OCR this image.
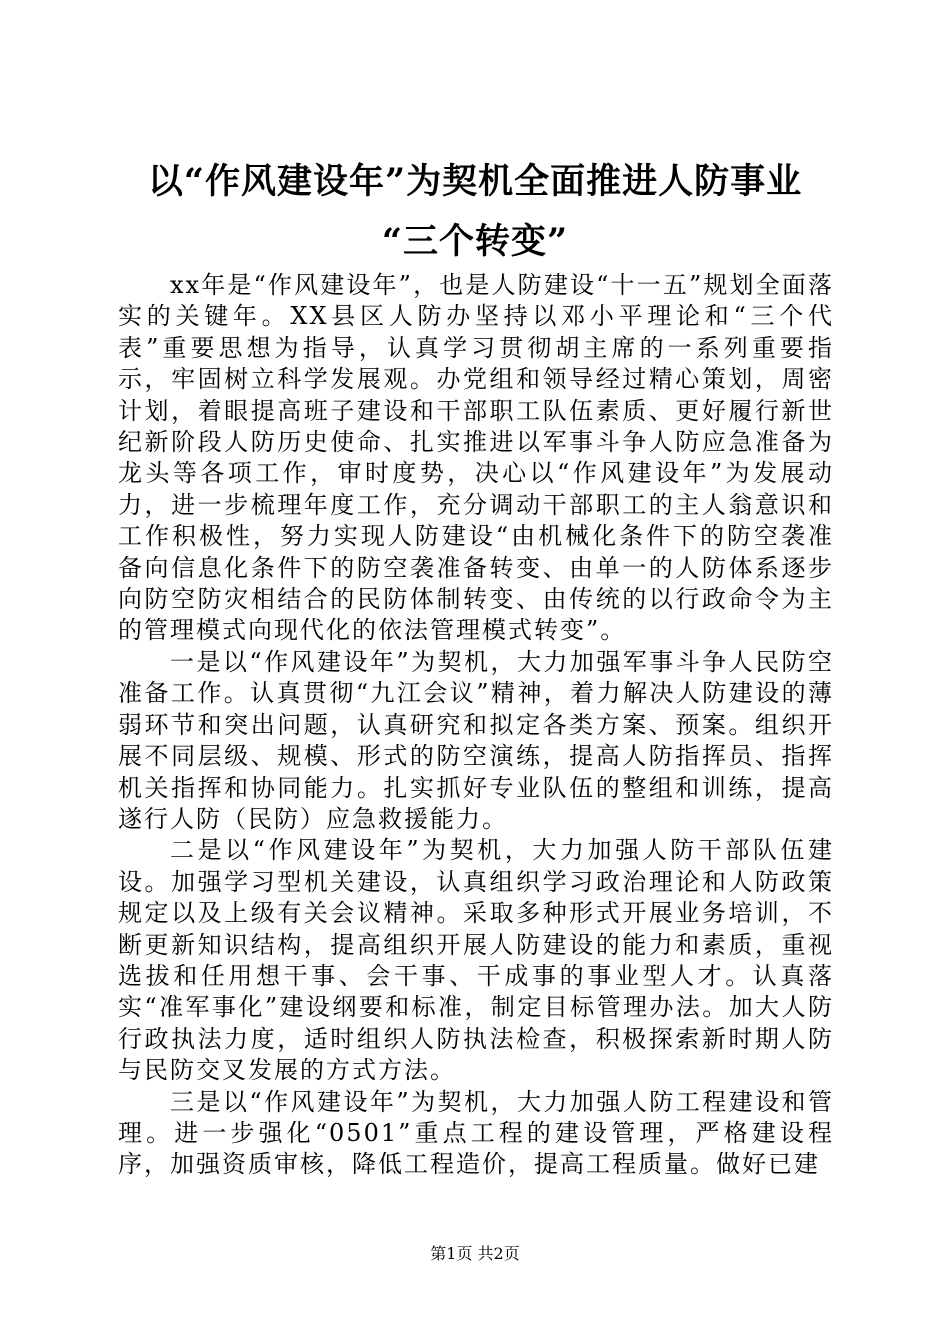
以“作风建设年”为契机全面推进人防事业
“三个转变”

xx年是“作风建设年”，也是人防建设“十一五”规划全面落实的关键年。XX县区人防办坚持以邓小平理论和“三个代表”重要思想为指导，认真学习贯彻胡主席的一系列重要指示，牢固树立科学发展观。办党组和领导经过精心策划，周密计划，着眼提高班子建设和干部职工队伍素质、更好履行新世纪新阶段人防历史使命、扎实推进以军事斗争人防应急准备为龙头等各项工作，审时度势，决心以“作风建设年”为发展动力，进一步梳理年度工作，充分调动干部职工的主人翁意识和工作积极性，努力实现人防建设“由机械化条件下的防空袭准备向信息化条件下的防空袭准备转变、由单一的人防体系逐步向防空防灾相结合的民防体制转变、由传统的以行政命令为主的管理模式向现代化的依法管理模式转变”。

一是以“作风建设年”为契机，大力加强军事斗争人民防空准备工作。认真贯彻“九江会议”精神，着力解决人防建设的薄弱环节和突出问题，认真研究和拟定各类方案、预案。组织开展不同层级、规模、形式的防空演练，提高人防指挥员、指挥机关指挥和协同能力。扎实抓好专业队伍的整组和训练，提高遂行人防（民防）应急救援能力。

二是以“作风建设年”为契机，大力加强人防干部队伍建设。加强学习型机关建设，认真组织学习政治理论和人防政策规定以及上级有关会议精神。采取多种形式开展业务培训，不断更新知识结构，提高组织开展人防建设的能力和素质，重视选拔和任用想干事、会干事、干成事的事业型人才。认真落实“准军事化”建设纲要和标准，制定目标管理办法。加大人防行政执法力度，适时组织人防执法检查，积极探索新时期人防与民防交叉发展的方式方法。

三是以“作风建设年”为契机，大力加强人防工程建设和管理。进一步强化“0501”重点工程的建设管理，严格建设程序，加强资质审核，降低工程造价，提高工程质量。做好已建

第1页 共2页
